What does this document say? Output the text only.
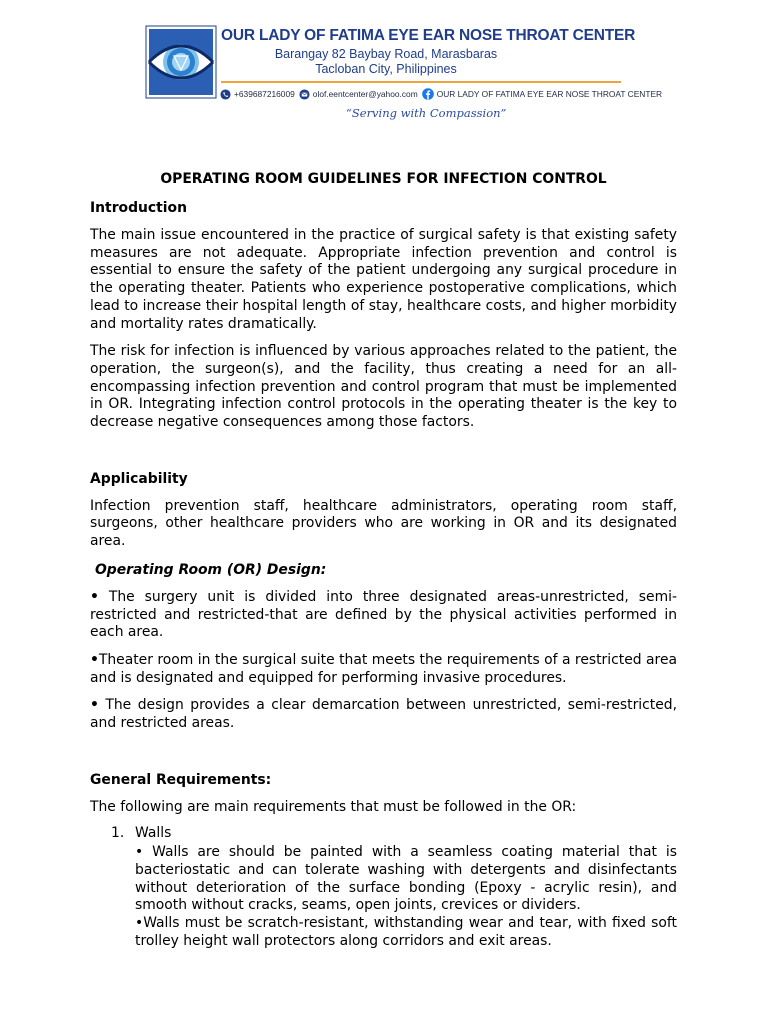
OUR LADY OF FATIMA EYE EAR NOSE THROAT CENTER
Barangay 82 Baybay Road, Marasbaras
Tacloban City, Philippines
+639687216009 olof.eentcenter@yahoo.com OUR LADY OF FATIMA EYE EAR NOSE THROAT CENTER
“Serving with Compassion”
OPERATING ROOM GUIDELINES FOR INFECTION CONTROL
Introduction

The main issue encountered in the practice of surgical safety is that existing safety measures are not adequate. Appropriate infection prevention and control is essential to ensure the safety of the patient undergoing any surgical procedure in the operating theater. Patients who experience postoperative complications, which lead to increase their hospital length of stay, healthcare costs, and higher morbidity and mortality rates dramatically.

The risk for infection is influenced by various approaches related to the patient, the operation, the surgeon(s), and the facility, thus creating a need for an all-encompassing infection prevention and control program that must be implemented in OR. Integrating infection control protocols in the operating theater is the key to decrease negative consequences among those factors.

Applicability

Infection prevention staff, healthcare administrators, operating room staff, surgeons, other healthcare providers who are working in OR and its designated area.

Operating Room (OR) Design:

• The surgery unit is divided into three designated areas-unrestricted, semi-restricted and restricted-that are defined by the physical activities performed in each area.

•Theater room in the surgical suite that meets the requirements of a restricted area and is designated and equipped for performing invasive procedures.

• The design provides a clear demarcation between unrestricted, semi-restricted, and restricted areas.

General Requirements:

The following are main requirements that must be followed in the OR:

1. Walls

• Walls are should be painted with a seamless coating material that is bacteriostatic and can tolerate washing with detergents and disinfectants without deterioration of the surface bonding (Epoxy - acrylic resin), and smooth without cracks, seams, open joints, crevices or dividers.

•Walls must be scratch-resistant, withstanding wear and tear, with fixed soft trolley height wall protectors along corridors and exit areas.
